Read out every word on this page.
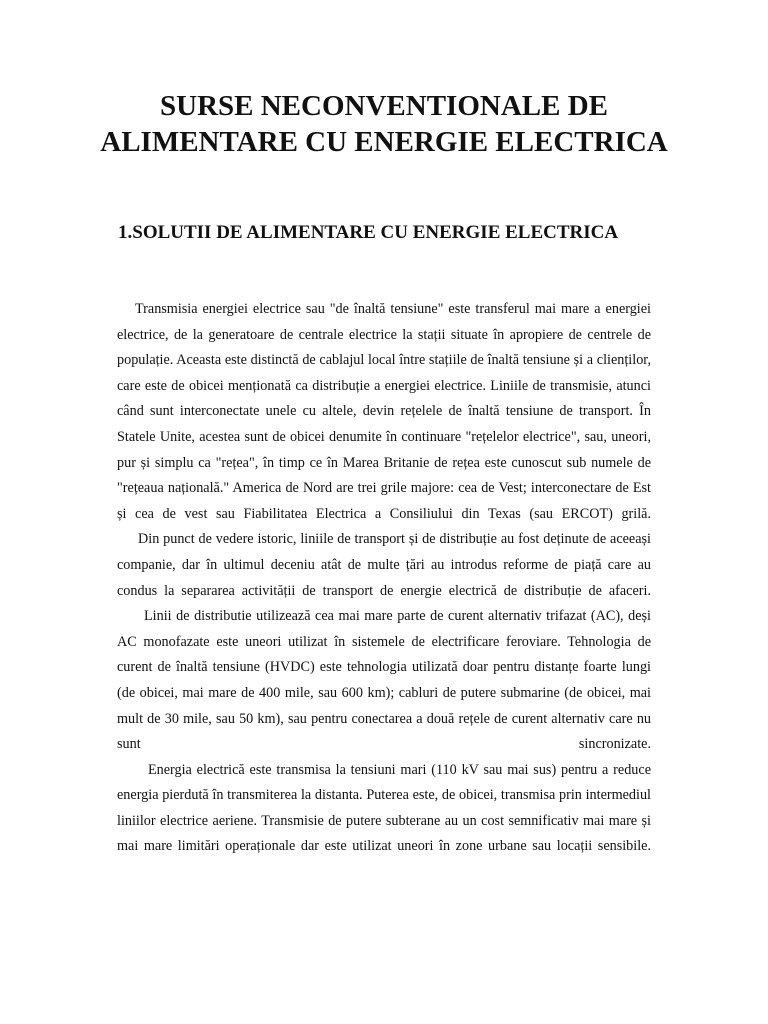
SURSE NECONVENTIONALE DE
ALIMENTARE CU ENERGIE ELECTRICA
1.SOLUTII DE ALIMENTARE CU ENERGIE ELECTRICA

Transmisia energiei electrice sau "de înaltă tensiune" este transferul mai mare a energiei electrice, de la generatoare de centrale electrice la stații situate în apropiere de centrele de populație. Aceasta este distinctă de cablajul local între stațiile de înaltă tensiune și a clienților, care este de obicei menționată ca distribuție a energiei electrice. Liniile de transmisie, atunci când sunt interconectate unele cu altele, devin rețelele de înaltă tensiune de transport. În Statele Unite, acestea sunt de obicei denumite în continuare "rețelelor electrice", sau, uneori, pur și simplu ca "rețea", în timp ce în Marea Britanie de rețea este cunoscut sub numele de "rețeaua națională." America de Nord are trei grile majore: cea de Vest; interconectare de Est și cea de vest sau Fiabilitatea Electrica a Consiliului din Texas (sau ERCOT) grilă.

Din punct de vedere istoric, liniile de transport și de distribuție au fost deținute de aceeași companie, dar în ultimul deceniu atât de multe țări au introdus reforme de piață care au condus la separarea activității de transport de energie electrică de distribuție de afaceri.

Linii de distributie utilizează cea mai mare parte de curent alternativ trifazat (AC), deși AC monofazate este uneori utilizat în sistemele de electrificare feroviare. Tehnologia de curent de înaltă tensiune (HVDC) este tehnologia utilizată doar pentru distanțe foarte lungi (de obicei, mai mare de 400 mile, sau 600 km); cabluri de putere submarine (de obicei, mai mult de 30 mile, sau 50 km), sau pentru conectarea a două rețele de curent alternativ care nu sunt sincronizate.

Energia electrică este transmisa la tensiuni mari (110 kV sau mai sus) pentru a reduce energia pierdută în transmiterea la distanta. Puterea este, de obicei, transmisa prin intermediul liniilor electrice aeriene. Transmisie de putere subterane au un cost semnificativ mai mare și mai mare limitări operaționale dar este utilizat uneori în zone urbane sau locații sensibile.
